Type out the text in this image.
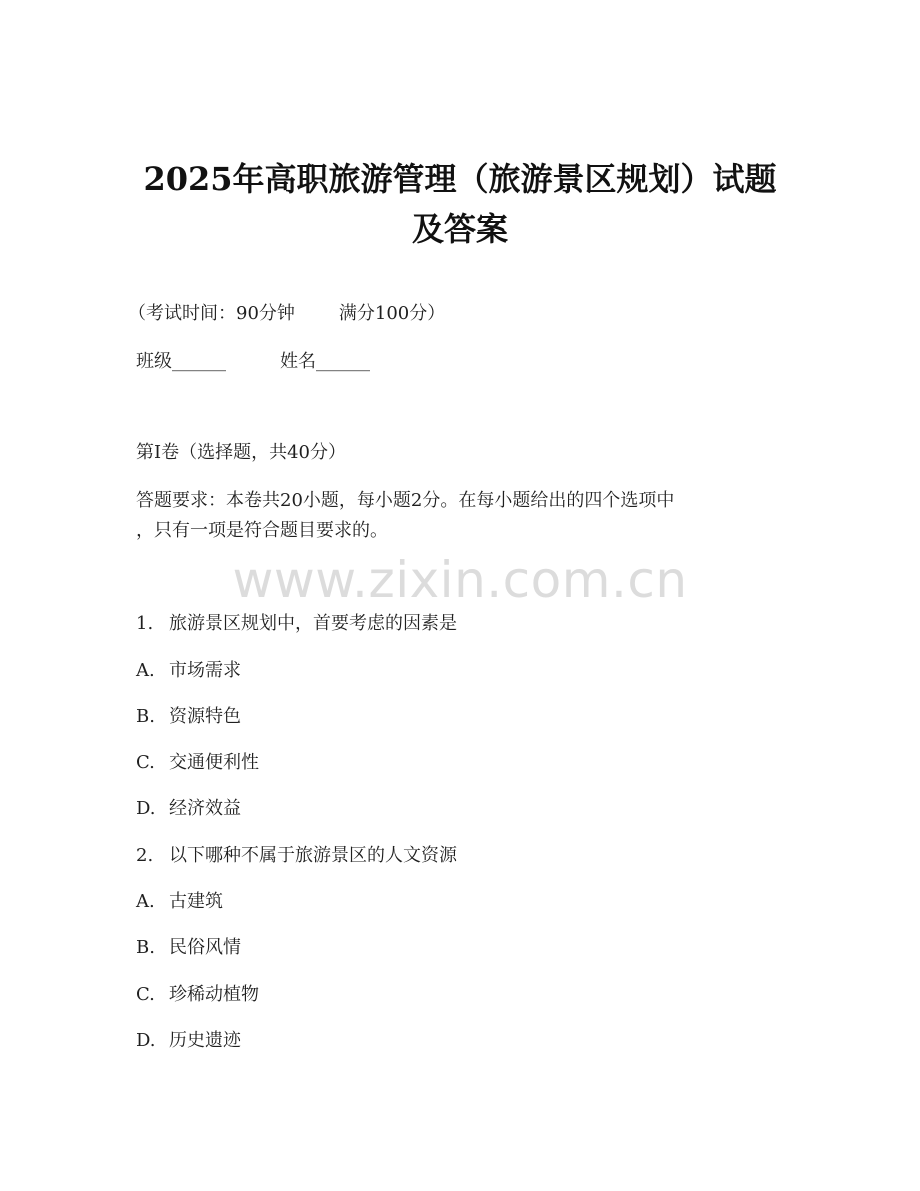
2025年高职旅游管理（旅游景区规划）试题
及答案
（考试时间：90分钟 满分100分）
班级______	姓名______
第I卷（选择题，共40分）
答题要求：本卷共20小题，每小题2分。在每小题给出的四个选项中
，只有一项是符合题目要求的。
www.zixin.com.cn
1. 旅游景区规划中，首要考虑的因素是
A. 市场需求
B. 资源特色
C. 交通便利性
D. 经济效益
2. 以下哪种不属于旅游景区的人文资源
A. 古建筑
B. 民俗风情
C. 珍稀动植物
D. 历史遗迹
